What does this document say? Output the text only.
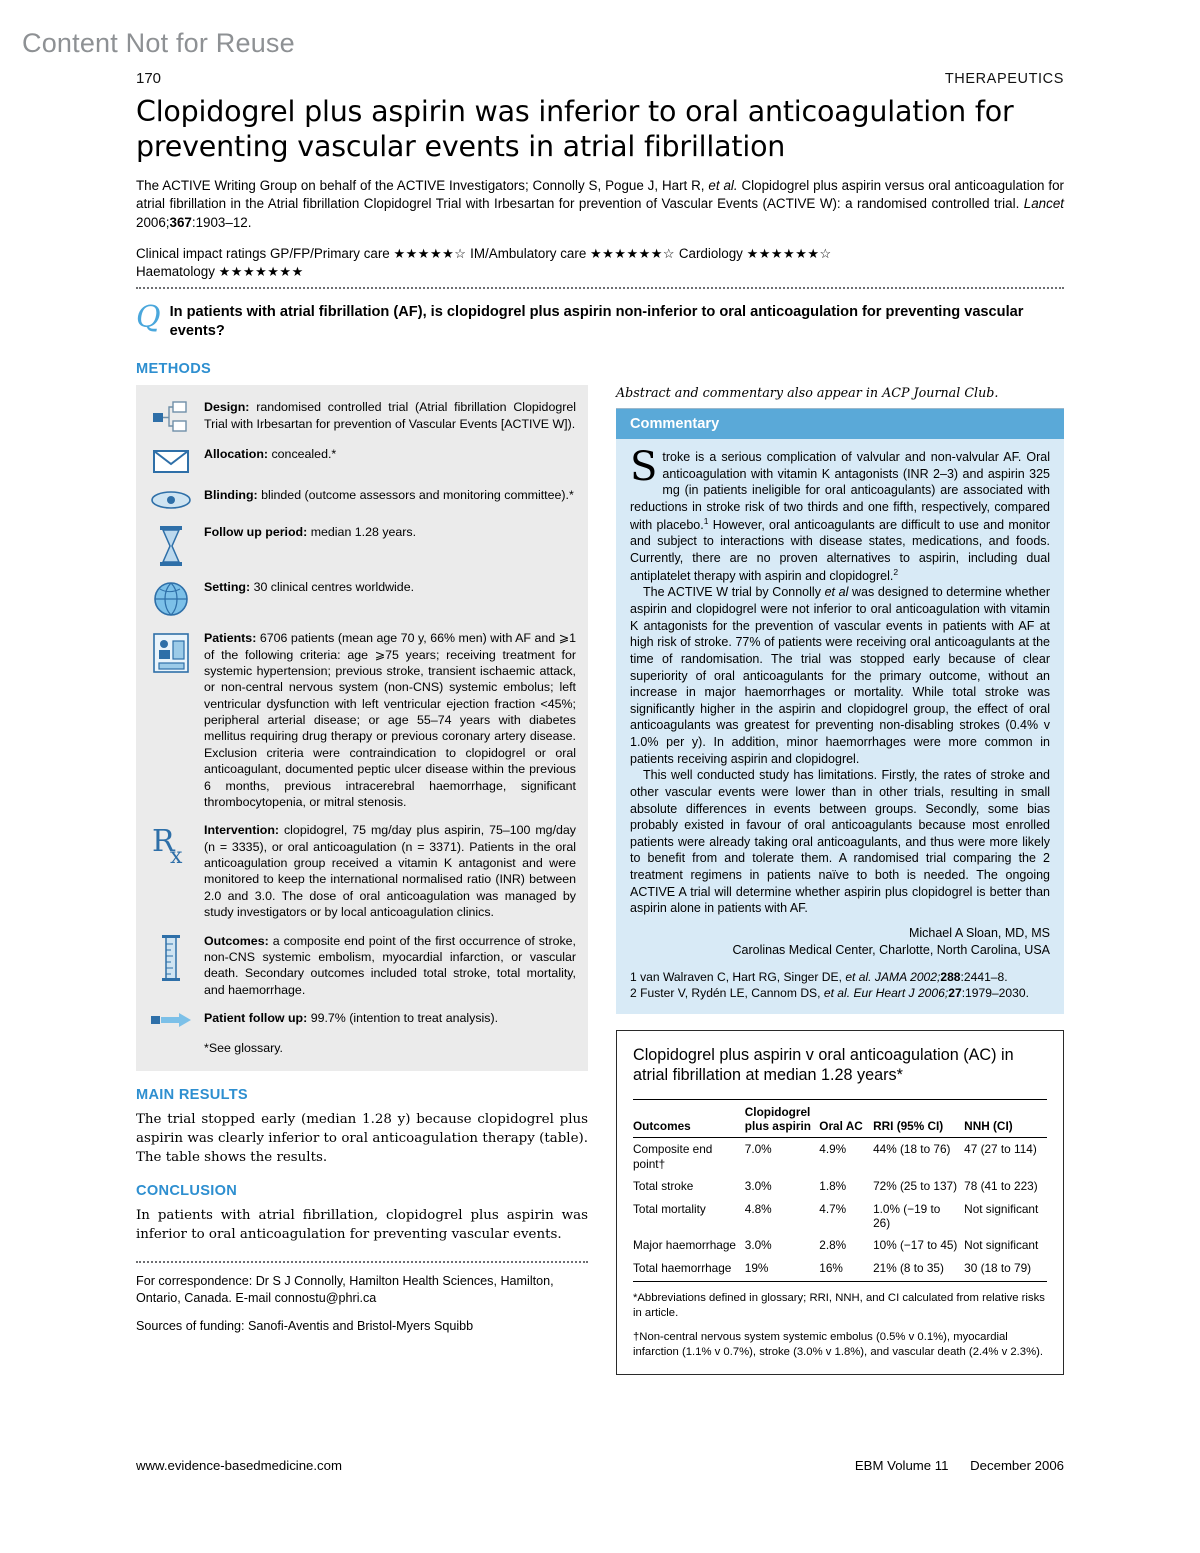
Content Not for Reuse
170	THERAPEUTICS
Clopidogrel plus aspirin was inferior to oral anticoagulation for preventing vascular events in atrial fibrillation
The ACTIVE Writing Group on behalf of the ACTIVE Investigators; Connolly S, Pogue J, Hart R, et al. Clopidogrel plus aspirin versus oral anticoagulation for atrial fibrillation in the Atrial fibrillation Clopidogrel Trial with Irbesartan for prevention of Vascular Events (ACTIVE W): a randomised controlled trial. Lancet 2006;367:1903–12.
Clinical impact ratings GP/FP/Primary care ★★★★★☆ IM/Ambulatory care ★★★★★★☆ Cardiology ★★★★★★☆
Haematology ★★★★★★★
Q In patients with atrial fibrillation (AF), is clopidogrel plus aspirin non-inferior to oral anticoagulation for preventing vascular events?
METHODS
Design: randomised controlled trial (Atrial fibrillation Clopidogrel Trial with Irbesartan for prevention of Vascular Events [ACTIVE W]).
Allocation: concealed.*
Blinding: blinded (outcome assessors and monitoring committee).*
Follow up period: median 1.28 years.
Setting: 30 clinical centres worldwide.
Patients: 6706 patients (mean age 70 y, 66% men) with AF and ⩾1 of the following criteria: age ⩾75 years; receiving treatment for systemic hypertension; previous stroke, transient ischaemic attack, or non-central nervous system (non-CNS) systemic embolus; left ventricular dysfunction with left ventricular ejection fraction <45%; peripheral arterial disease; or age 55–74 years with diabetes mellitus requiring drug therapy or previous coronary artery disease. Exclusion criteria were contraindication to clopidogrel or oral anticoagulant, documented peptic ulcer disease within the previous 6 months, previous intracerebral haemorrhage, significant thrombocytopenia, or mitral stenosis.
R
x
Intervention: clopidogrel, 75 mg/day plus aspirin, 75–100 mg/day (n = 3335), or oral anticoagulation (n = 3371). Patients in the oral anticoagulation group received a vitamin K antagonist and were monitored to keep the international normalised ratio (INR) between 2.0 and 3.0. The dose of oral anticoagulation was managed by study investigators or by local anticoagulation clinics.
Outcomes: a composite end point of the first occurrence of stroke, non-CNS systemic embolism, myocardial infarction, or vascular death. Secondary outcomes included total stroke, total mortality, and haemorrhage.
Patient follow up: 99.7% (intention to treat analysis).
*See glossary.
MAIN RESULTS
The trial stopped early (median 1.28 y) because clopidogrel plus aspirin was clearly inferior to oral anticoagulation therapy (table). The table shows the results.
CONCLUSION
In patients with atrial fibrillation, clopidogrel plus aspirin was inferior to oral anticoagulation for preventing vascular events.
For correspondence: Dr S J Connolly, Hamilton Health Sciences, Hamilton, Ontario, Canada. E-mail connostu@phri.ca
Sources of funding: Sanofi-Aventis and Bristol-Myers Squibb
Abstract and commentary also appear in ACP Journal Club.
Commentary

Stroke is a serious complication of valvular and non-valvular AF. Oral anticoagulation with vitamin K antagonists (INR 2–3) and aspirin 325 mg (in patients ineligible for oral anticoagulants) are associated with reductions in stroke risk of two thirds and one fifth, respectively, compared with placebo.$^1$ However, oral anticoagulants are difficult to use and monitor and subject to interactions with disease states, medications, and foods. Currently, there are no proven alternatives to aspirin, including dual antiplatelet therapy with aspirin and clopidogrel.$^2$

The ACTIVE W trial by Connolly et al was designed to determine whether aspirin and clopidogrel were not inferior to oral anticoagulation with vitamin K antagonists for the prevention of vascular events in patients with AF at high risk of stroke. 77% of patients were receiving oral anticoagulants at the time of randomisation. The trial was stopped early because of clear superiority of oral anticoagulants for the primary outcome, without an increase in major haemorrhages or mortality. While total stroke was significantly higher in the aspirin and clopidogrel group, the effect of oral anticoagulants was greatest for preventing non-disabling strokes (0.4% v 1.0% per y). In addition, minor haemorrhages were more common in patients receiving aspirin and clopidogrel.

This well conducted study has limitations. Firstly, the rates of stroke and other vascular events were lower than in other trials, resulting in small absolute differences in events between groups. Secondly, some bias probably existed in favour of oral anticoagulants because most enrolled patients were already taking oral anticoagulants, and thus were more likely to benefit from and tolerate them. A randomised trial comparing the 2 treatment regimens in patients naïve to both is needed. The ongoing ACTIVE A trial will determine whether aspirin plus clopidogrel is better than aspirin alone in patients with AF.

Michael A Sloan, MD, MS
Carolinas Medical Center, Charlotte, North Carolina, USA
1 van Walraven C, Hart RG, Singer DE, et al. JAMA 2002;288:2441–8.
2 Fuster V, Rydén LE, Cannom DS, et al. Eur Heart J 2006;27:1979–2030.
Clopidogrel plus aspirin v oral anticoagulation (AC) in atrial fibrillation at median 1.28 years*
Outcomes	Clopidogrel plus aspirin	Oral AC	RRI (95% CI)	NNH (CI)
Composite end point†	7.0%	4.9%	44% (18 to 76)	47 (27 to 114)
Total stroke	3.0%	1.8%	72% (25 to 137)	78 (41 to 223)
Total mortality	4.8%	4.7%	1.0% (−19 to 26)	Not significant
Major haemorrhage	3.0%	2.8%	10% (−17 to 45)	Not significant
Total haemorrhage	19%	16%	21% (8 to 35)	30 (18 to 79)
*Abbreviations defined in glossary; RRI, NNH, and CI calculated from relative risks in article.
†Non-central nervous system systemic embolus (0.5% v 0.1%), myocardial infarction (1.1% v 0.7%), stroke (3.0% v 1.8%), and vascular death (2.4% v 2.3%).
www.evidence-basedmedicine.com	EBM Volume 11 December 2006
